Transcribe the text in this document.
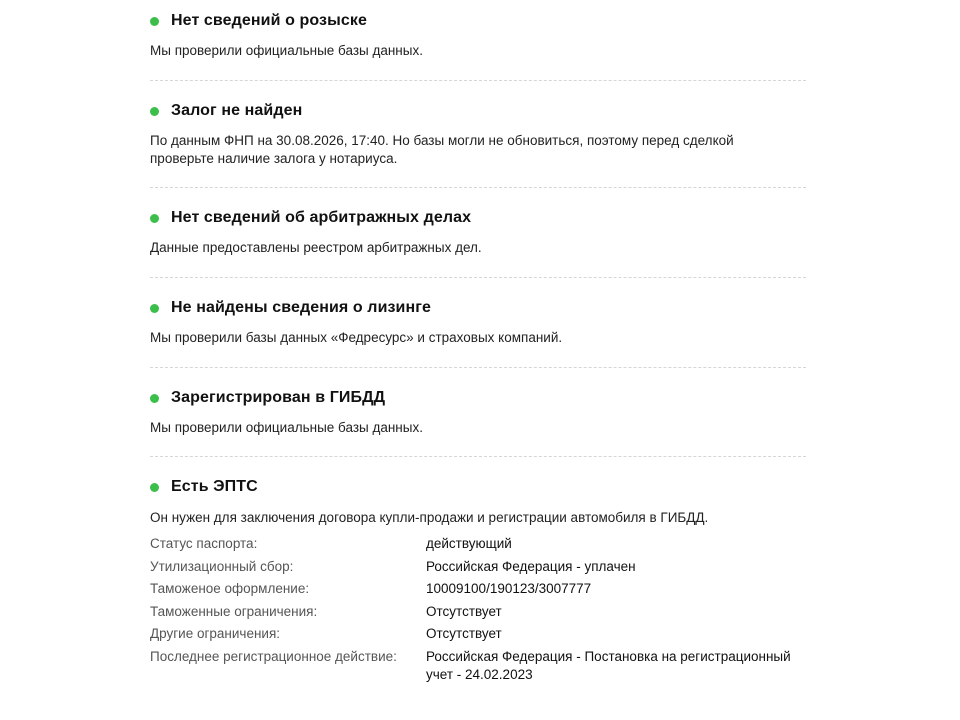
Нет сведений о розыске
Мы проверили официальные базы данных.
Залог не найден
По данным ФНП на 30.08.2026, 17:40. Но базы могли не обновиться, поэтому перед сделкой проверьте наличие залога у нотариуса.
Нет сведений об арбитражных делах
Данные предоставлены реестром арбитражных дел.
Не найдены сведения о лизинге
Мы проверили базы данных «Федресурс» и страховых компаний.
Зарегистрирован в ГИБДД
Мы проверили официальные базы данных.
Есть ЭПТС
Он нужен для заключения договора купли-продажи и регистрации автомобиля в ГИБДД.
Статус паспорта:	действующий
Утилизационный сбор:	Российская Федерация - уплачен
Таможеное оформление:	10009100/190123/3007777
Таможенные ограничения:	Отсутствует
Другие ограничения:	Отсутствует
Последнее регистрационное действие:	Российская Федерация - Постановка на регистрационный учет - 24.02.2023
